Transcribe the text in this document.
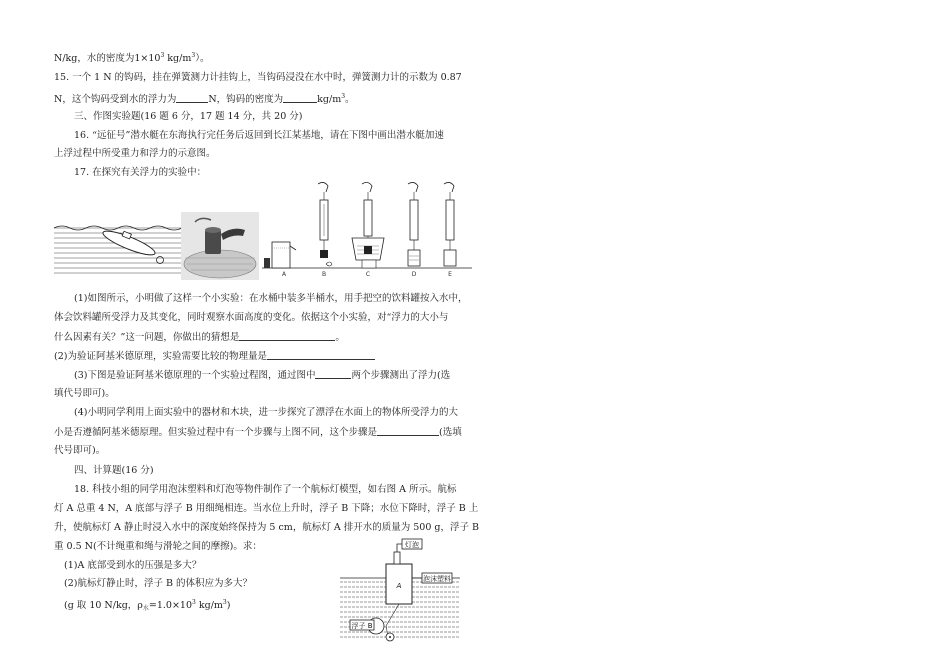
N/kg，水的密度为$1\times 10^3$ $kg/m^3$）。
15. 一个 1 N 的钩码，挂在弹簧测力计挂钩上，当钩码浸没在水中时，弹簧测力计的示数为 0.87
N，这个钩码受到水的浮力为	N，钩码的密度为	$kg/m^3$。
三、作图实验题(16 题 6 分，17 题 14 分，共 20 分)
16. “远征号”潜水艇在东海执行完任务后返回到长江某基地，请在下图中画出潜水艇加速
上浮过程中所受重力和浮力的示意图。
17. 在探究有关浮力的实验中：
A	B	C	D	E
(1)如图所示，小明做了这样一个小实验：在水桶中装多半桶水，用手把空的饮料罐按入水中，
体会饮料罐所受浮力及其变化，同时观察水面高度的变化。依据这个小实验，对“浮力的大小与
什么因素有关？”这一问题，你做出的猜想是	。
(2)为验证阿基米德原理，实验需要比较的物理量是
(3)下图是验证阿基米德原理的一个实验过程图，通过图中	两个步骤测出了浮力(选
填代号即可)。
(4)小明同学利用上面实验中的器材和木块，进一步探究了漂浮在水面上的物体所受浮力的大
小是否遵循阿基米德原理。但实验过程中有一个步骤与上图不同，这个步骤是	(选填
代号即可)。
四、计算题(16 分)
18. 科技小组的同学用泡沫塑料和灯泡等物件制作了一个航标灯模型，如右图 A 所示。航标
灯 A 总重 4 N，A 底部与浮子 B 用细绳相连。当水位上升时，浮子 B 下降；水位下降时，浮子 B 上
升，使航标灯 A 静止时浸入水中的深度始终保持为 5 cm，航标灯 A 排开水的质量为 500 g，浮子 B
重 0.5 N(不计绳重和绳与滑轮之间的摩擦)。求：
(1)A 底部受到水的压强是多大？
(2)航标灯静止时，浮子 B 的体积应为多大？
(g 取 10 N/kg，$\rho_水=1.0\times 10^3$ $kg/m^3$)
灯泡
A
泡沫塑料
浮子 B
